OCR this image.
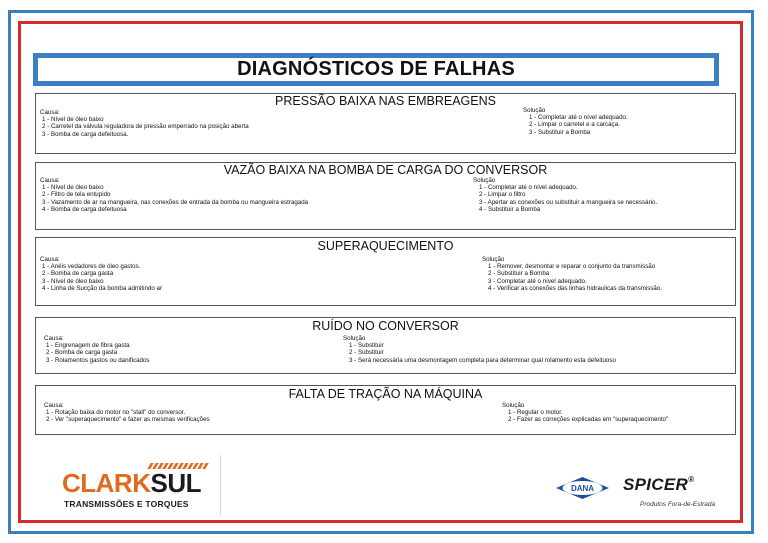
DIAGNÓSTICOS DE FALHAS
PRESSÃO BAIXA NAS EMBREAGENS
Causa:
1 - Nível de óleo baixo
2 - Carretel da válvula reguladora de pressão emperrado na posição aberta
3 - Bomba de carga defeituosa.
Solução
1 - Completar até o nível adequado.
2 - Limpar o carretel e a carcaça.
3 - Substituir a Bomba
VAZÃO BAIXA NA BOMBA DE CARGA DO CONVERSOR
Causa:
1 - Nível de óleo baixo
2 - Filtro de tela entupido
3 - Vazamento de ar na mangueira, nas conexões de entrada da bomba ou mangueira estragada
4 - Bomba de carga defeituosa
Solução
1 - Completar até o nível adequado.
2 - Limpar o filtro
3 - Apertar as conexões ou substituir a mangueira se necessário.
4 - Substituir a Bomba
SUPERAQUECIMENTO
Causa:
1 - Anéis vedadores de óleo gastos.
2 - Bomba de carga gasta
3 - Nível de óleo baixo
4 - Linha de Sucção da bomba admitindo ar
Solução
1 - Remover, desmontar e reparar o conjunto da transmissão
2 - Substituir a Bomba
3 - Completar até o nível adequado.
4 - Verificar as conexões das linhas hidraulicas da transmissão.
RUÍDO NO CONVERSOR
Causa:
1 - Engrenagem de fibra gasta
2 - Bomba de carga gasta
3 - Rolamentos gastos ou danificados
Solução
1 - Substituir
2 - Substituir
3 - Será necessária uma desmontagem completa para determinar qual rolamento esta defeituoso
FALTA DE TRAÇÃO NA MÁQUINA
Causa:
1 - Rotação baixa do motor no "stall" do conversor.
2 - Ver "superaquecimento" e fazer as mesmas verificações
Solução
1 - Regular o motor.
2 - Fazer as correções explicadas em "superaquecimento"
CLARKSUL
TRANSMISSÕES E TORQUES
DANA SPICER®
Produtos Fora-de-Estrada
